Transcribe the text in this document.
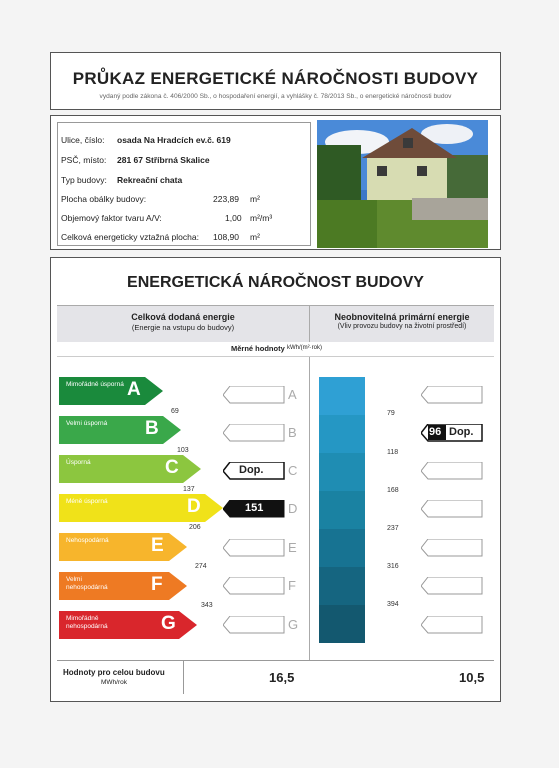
PRŮKAZ ENERGETICKÉ NÁROČNOSTI BUDOVY
vydaný podle zákona č. 406/2000 Sb., o hospodaření energií, a vyhlášky č. 78/2013 Sb., o energetické náročnosti budov
Ulice, číslo: osada Na Hradcích ev.č. 619
PSČ, místo: 281 67 Stříbrná Skalice
Typ budovy: Rekreační chata
Plocha obálky budovy:	223,89 m²
Objemový faktor tvaru A/V:	1,00 m²/m³
Celková energeticky vztažná plocha: 108,90 m²
ENERGETICKÁ NÁROČNOST BUDOVY
Celková dodaná energie
(Energie na vstupu do budovy)
Neobnovitelná primární energie
(Vliv provozu budovy na životní prostředí)
Měrné hodnoty kWh/(m²·rok)
Mimořádně úsporná A
Velmi úsporná	B
Úsporná	C
Méně úsporná	D
Nehospodárná	E
Velmi nehospodárná	F
Mimořádně nehospodárná	G
69
103
137
206
274
343
A
B
Dop. C
151 D
E
F
G
79
118
168
237
316
394
96 Dop.
Hodnoty pro celou budovu
MWh/rok	16,5	10,5
